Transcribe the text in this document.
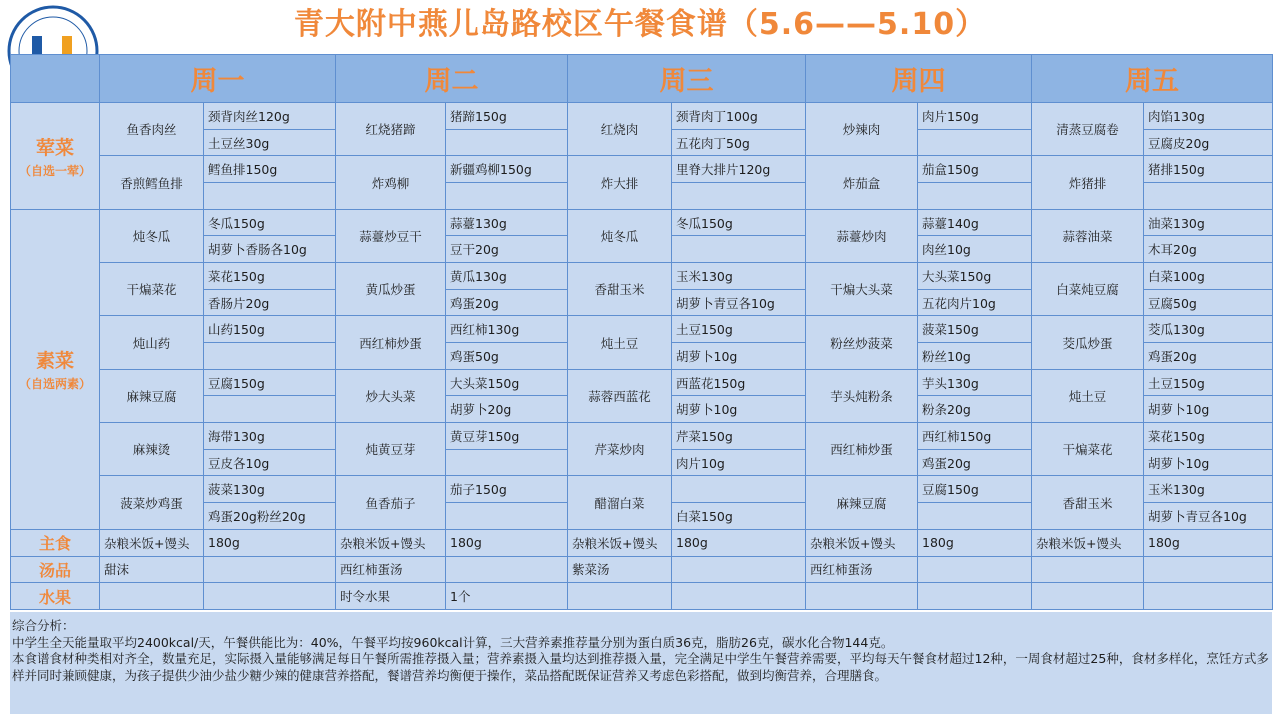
青大附中燕儿岛路校区午餐食谱（5.6——5.10）
	周一		周二		周三		周四		周五	
荤菜
（自选一荤）	鱼香肉丝	颈背肉丝120g	红烧猪蹄	猪蹄150g	红烧肉	颈背肉丁100g	炒辣肉	肉片150g	清蒸豆腐卷	肉馅130g
		土豆丝30g				五花肉丁50g				豆腐皮20g
	香煎鳕鱼排	鳕鱼排150g	炸鸡柳	新疆鸡柳150g	炸大排	里脊大排片120g	炸茄盒	茄盒150g	炸猪排	猪排150g

素菜
（自选两素）	炖冬瓜	冬瓜150g	蒜薹炒豆干	蒜薹130g	炖冬瓜	冬瓜150g	蒜薹炒肉	蒜薹140g	蒜蓉油菜	油菜130g
		胡萝卜香肠各10g		豆干20g				肉丝10g		木耳20g
	干煸菜花	菜花150g	黄瓜炒蛋	黄瓜130g	香甜玉米	玉米130g	干煸大头菜	大头菜150g	白菜炖豆腐	白菜100g
		香肠片20g		鸡蛋20g		胡萝卜青豆各10g		五花肉片10g		豆腐50g
	炖山药	山药150g	西红柿炒蛋	西红柿130g	炖土豆	土豆150g	粉丝炒菠菜	菠菜150g	茭瓜炒蛋	茭瓜130g
				鸡蛋50g		胡萝卜10g		粉丝10g		鸡蛋20g
	麻辣豆腐	豆腐150g	炒大头菜	大头菜150g	蒜蓉西蓝花	西蓝花150g	芋头炖粉条	芋头130g	炖土豆	土豆150g
				胡萝卜20g		胡萝卜10g		粉条20g		胡萝卜10g
	麻辣烫	海带130g	炖黄豆芽	黄豆芽150g	芹菜炒肉	芹菜150g	西红柿炒蛋	西红柿150g	干煸菜花	菜花150g
		豆皮各10g				肉片10g		鸡蛋20g		胡萝卜10g
	菠菜炒鸡蛋	菠菜130g	鱼香茄子	茄子150g	醋溜白菜		麻辣豆腐	豆腐150g	香甜玉米	玉米130g
		鸡蛋20g粉丝20g				白菜150g				胡萝卜青豆各10g
主食	杂粮米饭+馒头	180g	杂粮米饭+馒头	180g	杂粮米饭+馒头	180g	杂粮米饭+馒头	180g	杂粮米饭+馒头	180g
汤品	甜沫		西红柿蛋汤		紫菜汤		西红柿蛋汤			
水果			时令水果	1个						
综合分析：
中学生全天能量取平均2400kcal/天，午餐供能比为：40%，午餐平均按960kcal计算，三大营养素推荐量分别为蛋白质36克，脂肪26克，碳水化合物144克。
本食谱食材种类相对齐全，数量充足，实际摄入量能够满足每日午餐所需推荐摄入量；营养素摄入量均达到推荐摄入量，完全满足中学生午餐营养需要，平均每天午餐食材超过12种，一周食材超过25种，食材多样化，烹饪方式多样并同时兼顾健康，为孩子提供少油少盐少糖少辣的健康营养搭配，餐谱营养均衡便于操作，菜品搭配既保证营养又考虑色彩搭配，做到均衡营养，合理膳食。
